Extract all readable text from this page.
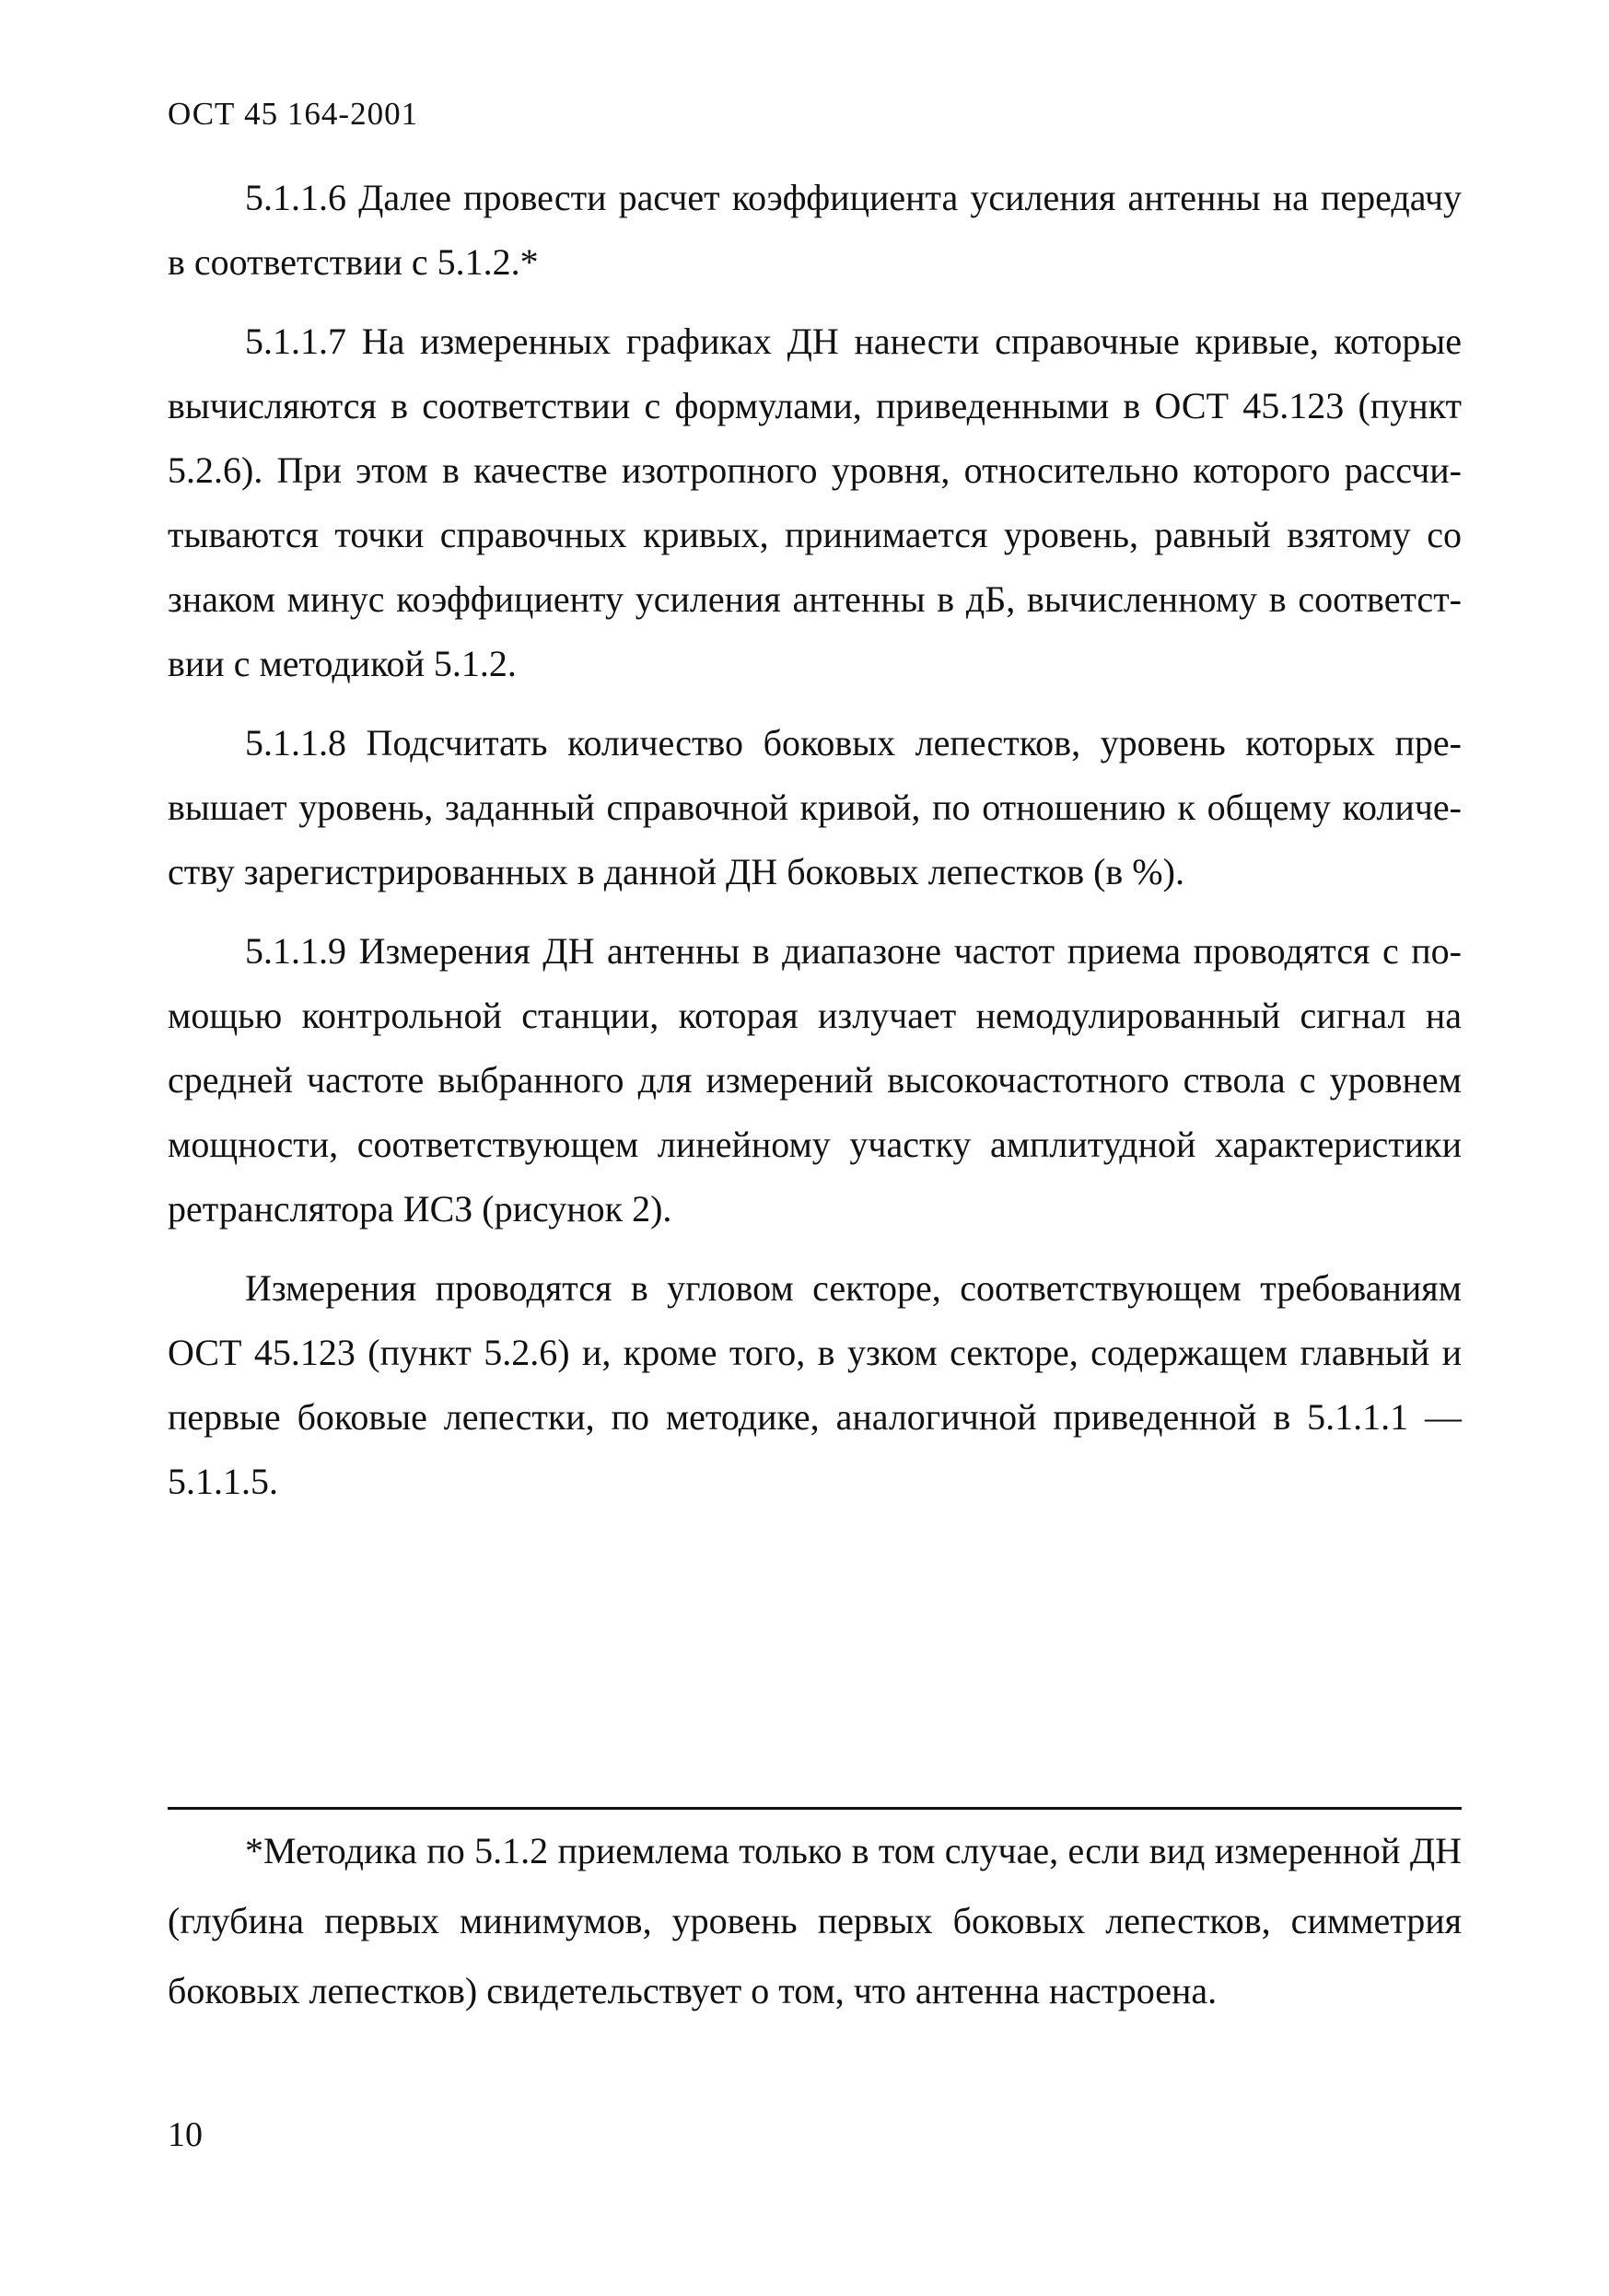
ОСТ 45 164-2001

5.1.1.6 Далее провести расчет коэффициента усиления антенны на передачу в соответствии с 5.1.2.*

5.1.1.7 На измеренных графиках ДН нанести справочные кривые, которые вычисляются в соответствии с формулами, приведенными в ОСТ 45.123 (пункт 5.2.6). При этом в качестве изотропного уровня, относительно которого рассчитываются точки справочных кривых, принимается уровень, равный взятому со знаком минус коэффициенту усиления антенны в дБ, вычисленному в соответствии с методикой 5.1.2.

5.1.1.8 Подсчитать количество боковых лепестков, уровень которых превышает уровень, заданный справочной кривой, по отношению к общему количеству зарегистрированных в данной ДН боковых лепестков (в %).

5.1.1.9 Измерения ДН антенны в диапазоне частот приема проводятся с помощью контрольной станции, которая излучает немодулированный сигнал на средней частоте выбранного для измерений высокочастотного ствола с уровнем мощности, соответствующем линейному участку амплитудной характеристики ретранслятора ИСЗ (рисунок 2).

Измерения проводятся в угловом секторе, соответствующем требованиям ОСТ 45.123 (пункт 5.2.6) и, кроме того, в узком секторе, содержащем главный и первые боковые лепестки, по методике, аналогичной приведенной в 5.1.1.1 — 5.1.1.5.

*Методика по 5.1.2 приемлема только в том случае, если вид измеренной ДН (глубина первых минимумов, уровень первых боковых лепестков, симметрия боковых лепестков) свидетельствует о том, что антенна настроена.

10
